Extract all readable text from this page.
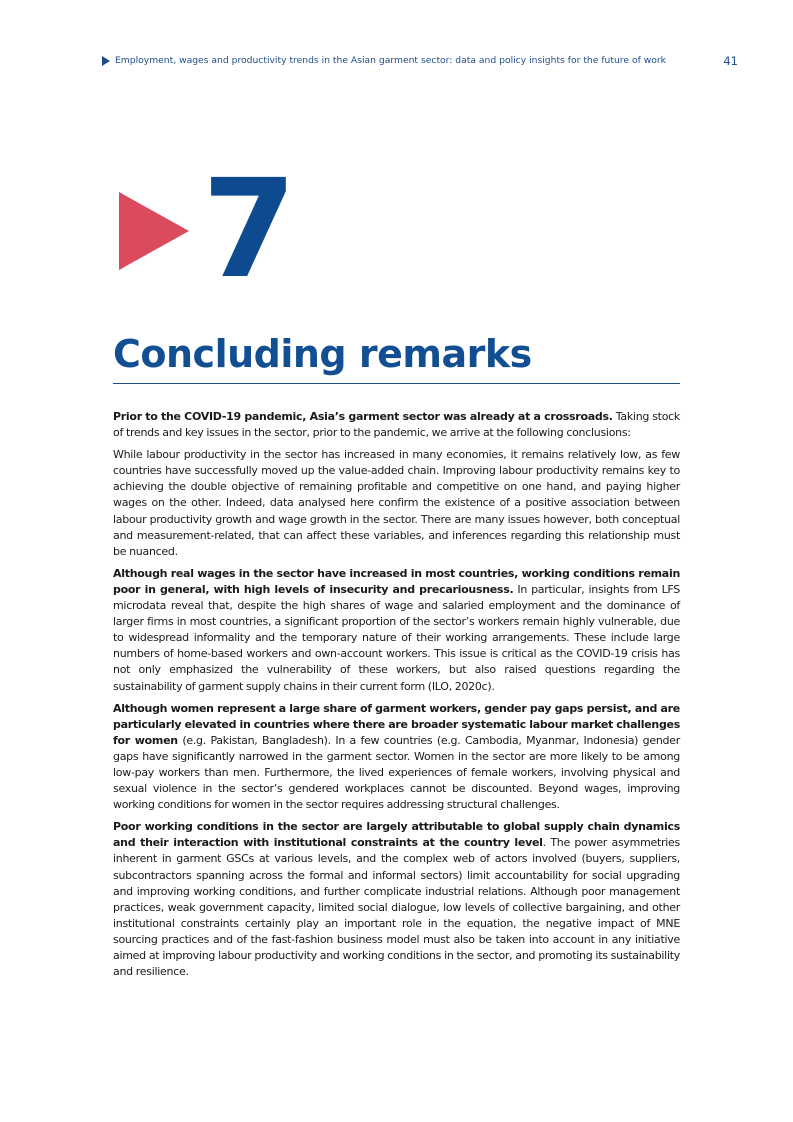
Employment, wages and productivity trends in the Asian garment sector: data and policy insights for the future of work	41
7
Concluding remarks

Prior to the COVID-19 pandemic, Asia’s garment sector was already at a crossroads. Taking stock of trends and key issues in the sector, prior to the pandemic, we arrive at the following conclusions:

While labour productivity in the sector has increased in many economies, it remains relatively low, as few countries have successfully moved up the value-added chain. Improving labour productivity remains key to achieving the double objective of remaining profitable and competitive on one hand, and paying higher wages on the other. Indeed, data analysed here confirm the existence of a positive association between labour productivity growth and wage growth in the sector. There are many issues however, both conceptual and measurement-related, that can affect these variables, and inferences regarding this relationship must be nuanced.

Although real wages in the sector have increased in most countries, working conditions remain poor in general, with high levels of insecurity and precariousness. In particular, insights from LFS microdata reveal that, despite the high shares of wage and salaried employment and the dominance of larger firms in most countries, a significant proportion of the sector’s workers remain highly vulnerable, due to widespread informality and the temporary nature of their working arrangements. These include large numbers of home-based workers and own-account workers. This issue is critical as the COVID-19 crisis has not only emphasized the vulnerability of these workers, but also raised questions regarding the sustainability of garment supply chains in their current form (ILO, 2020c).

Although women represent a large share of garment workers, gender pay gaps persist, and are particularly elevated in countries where there are broader systematic labour market challenges for women (e.g. Pakistan, Bangladesh). In a few countries (e.g. Cambodia, Myanmar, Indonesia) gender gaps have significantly narrowed in the garment sector. Women in the sector are more likely to be among low-pay workers than men. Furthermore, the lived experiences of female workers, involving physical and sexual violence in the sector’s gendered workplaces cannot be discounted. Beyond wages, improving working conditions for women in the sector requires addressing structural challenges.

Poor working conditions in the sector are largely attributable to global supply chain dynamics and their interaction with institutional constraints at the country level. The power asymmetries inherent in garment GSCs at various levels, and the complex web of actors involved (buyers, suppliers, subcontractors spanning across the formal and informal sectors) limit accountability for social upgrading and improving working conditions, and further complicate industrial relations. Although poor management practices, weak government capacity, limited social dialogue, low levels of collective bargaining, and other institutional constraints certainly play an important role in the equation, the negative impact of MNE sourcing practices and of the fast-fashion business model must also be taken into account in any initiative aimed at improving labour productivity and working conditions in the sector, and promoting its sustainability and resilience.
